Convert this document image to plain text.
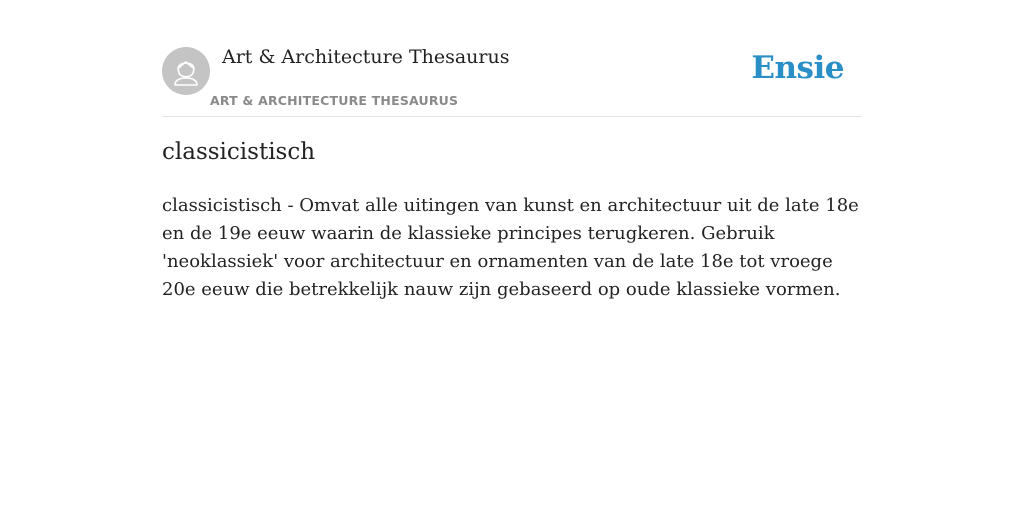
Art & Architecture Thesaurus
ART & ARCHITECTURE THESAURUS
Ensie
classicistisch

classicistisch - Omvat alle uitingen van kunst en architectuur uit de late 18e en de 19e eeuw waarin de klassieke principes terugkeren. Gebruik 'neoklassiek' voor architectuur en ornamenten van de late 18e tot vroege 20e eeuw die betrekkelijk nauw zijn gebaseerd op oude klassieke vormen.
